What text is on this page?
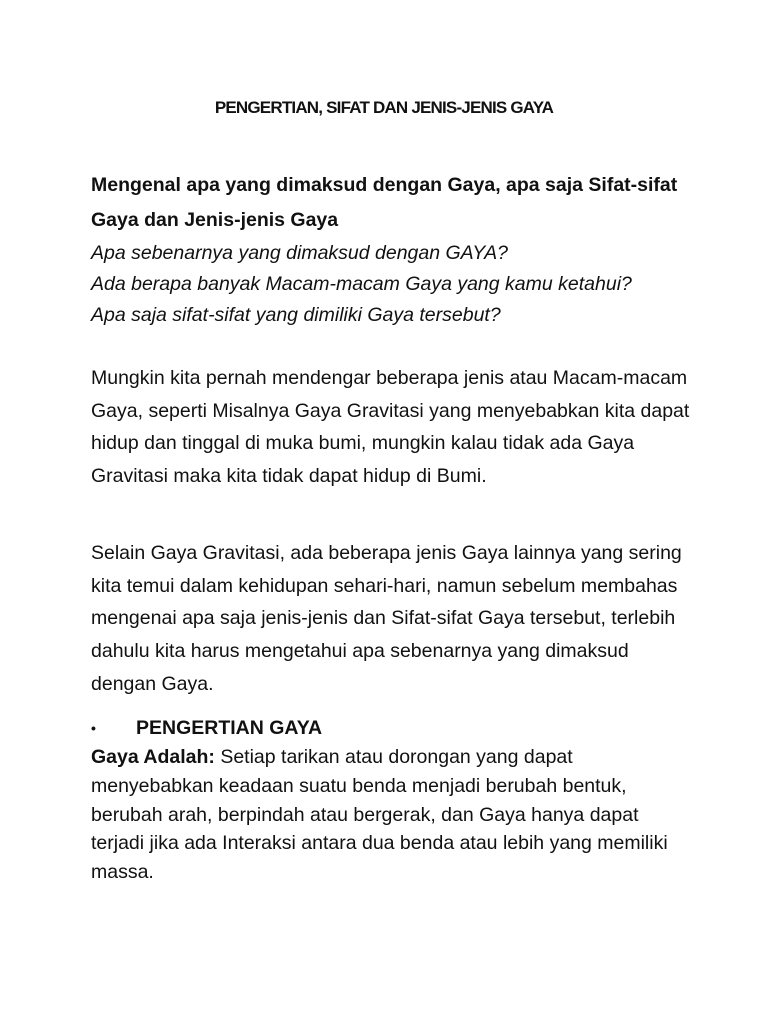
PENGERTIAN, SIFAT DAN JENIS-JENIS GAYA

Mengenal apa yang dimaksud dengan Gaya, apa saja Sifat-sifat Gaya dan Jenis-jenis Gaya

Apa sebenarnya yang dimaksud dengan GAYA?

Ada berapa banyak Macam-macam Gaya yang kamu ketahui?

Apa saja sifat-sifat yang dimiliki Gaya tersebut?

Mungkin kita pernah mendengar beberapa jenis atau Macam-macam Gaya, seperti Misalnya Gaya Gravitasi yang menyebabkan kita dapat hidup dan tinggal di muka bumi, mungkin kalau tidak ada Gaya Gravitasi maka kita tidak dapat hidup di Bumi.

Selain Gaya Gravitasi, ada beberapa jenis Gaya lainnya yang sering kita temui dalam kehidupan sehari-hari, namun sebelum membahas mengenai apa saja jenis-jenis dan Sifat-sifat Gaya tersebut, terlebih dahulu kita harus mengetahui apa sebenarnya yang dimaksud dengan Gaya.

•	PENGERTIAN GAYA

Gaya Adalah: Setiap tarikan atau dorongan yang dapat menyebabkan keadaan suatu benda menjadi berubah bentuk, berubah arah, berpindah atau bergerak, dan Gaya hanya dapat terjadi jika ada Interaksi antara dua benda atau lebih yang memiliki massa.
